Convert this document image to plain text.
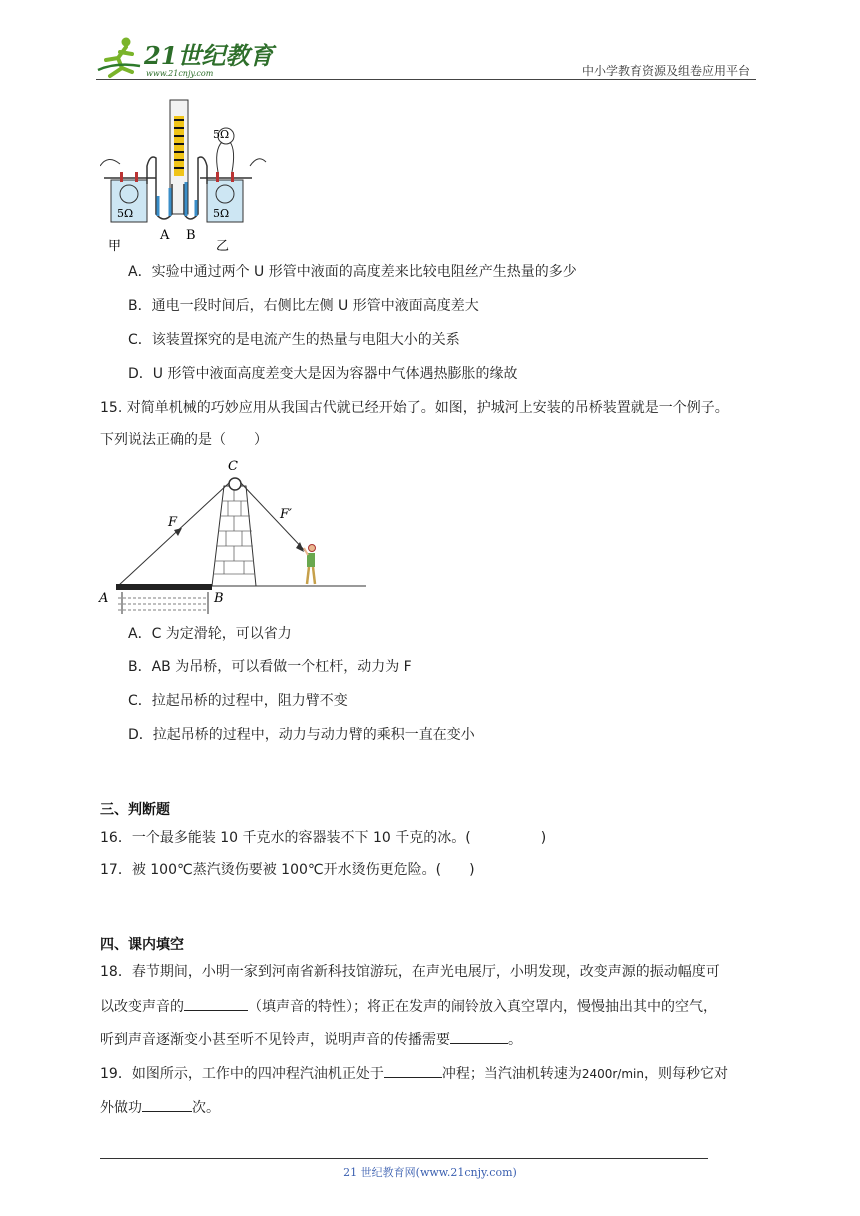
21世纪教育
www.21cnjy.com	中小学教育资源及组卷应用平台
5Ω	5Ω
5Ω
A B
甲	乙
A．实验中通过两个 U 形管中液面的高度差来比较电阻丝产生热量的多少
B．通电一段时间后，右侧比左侧 U 形管中液面高度差大
C．该装置探究的是电流产生的热量与电阻大小的关系
D．U 形管中液面高度差变大是因为容器中气体遇热膨胀的缘故
15. 对简单机械的巧妙应用从我国古代就已经开始了。如图，护城河上安装的吊桥装置就是一个例子。
下列说法正确的是（　　）
C
F
F′
A	B
A．C 为定滑轮，可以省力
B．AB 为吊桥，可以看做一个杠杆，动力为 F
C．拉起吊桥的过程中，阻力臂不变
D．拉起吊桥的过程中，动力与动力臂的乘积一直在变小
三、判断题
16．一个最多能装 10 千克水的容器装不下 10 千克的冰。(　　　　　)
17．被 100℃蒸汽烫伤要被 100℃开水烫伤更危险。(　　)
四、课内填空
18．春节期间，小明一家到河南省新科技馆游玩，在声光电展厅，小明发现，改变声源的振动幅度可
以改变声音的	（填声音的特性）；将正在发声的闹铃放入真空罩内，慢慢抽出其中的空气，
听到声音逐渐变小甚至听不见铃声，说明声音的传播需要	。
19．如图所示，工作中的四冲程汽油机正处于	冲程；当汽油机转速为2400r/min，则每秒它对
外做功	次。
21 世纪教育网(www.21cnjy.com)
